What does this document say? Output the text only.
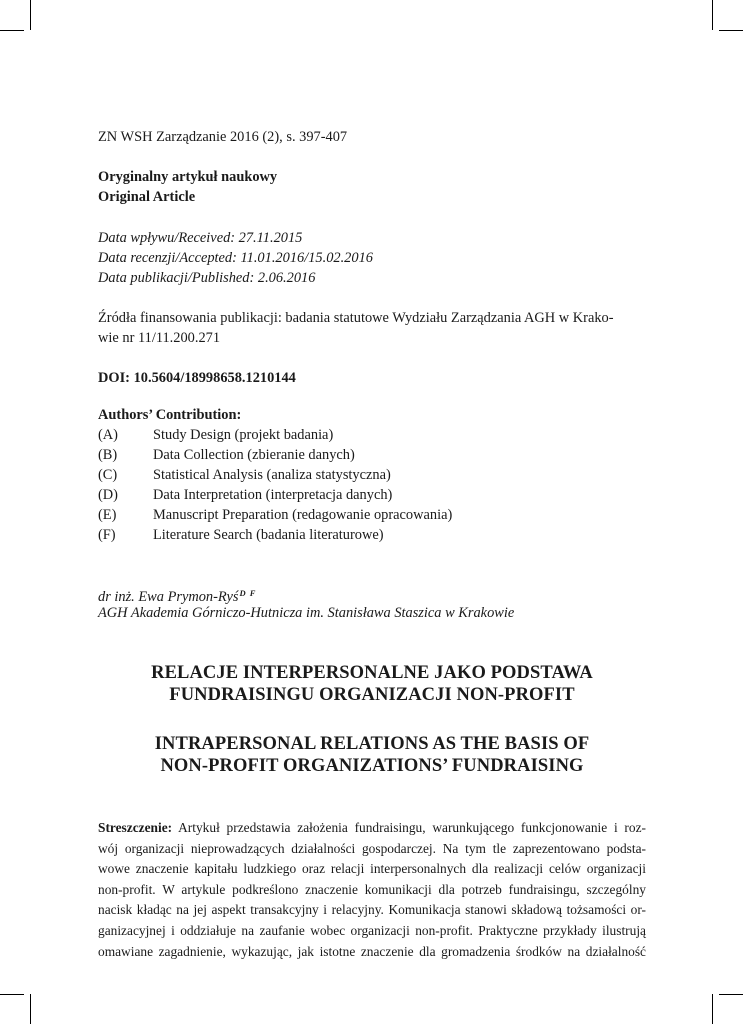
ZN WSH Zarządzanie 2016 (2), s. 397-407
Oryginalny artykuł naukowy
Original Article
Data wpływu/Received: 27.11.2015
Data recenzji/Accepted: 11.01.2016/15.02.2016
Data publikacji/Published: 2.06.2016
Źródła finansowania publikacji: badania statutowe Wydziału Zarządzania AGH w Krako-
wie nr 11/11.200.271
DOI: 10.5604/18998658.1210144
Authors’ Contribution:
(A) Study Design (projekt badania)
(B) Data Collection (zbieranie danych)
(C) Statistical Analysis (analiza statystyczna)
(D) Data Interpretation (interpretacja danych)
(E)	Manuscript Preparation (redagowanie opracowania)
(F)	Literature Search (badania literaturowe)
dr inż. Ewa Prymon-Ryś$^{D F}$
AGH Akademia Górniczo-Hutnicza im. Stanisława Staszica w Krakowie
RELACJE INTERPERSONALNE JAKO PODSTAWA
FUNDRAISINGU ORGANIZACJI NON-PROFIT
INTRAPERSONAL RELATIONS AS THE BASIS OF
NON-PROFIT ORGANIZATIONS’ FUNDRAISING
Streszczenie: Artykuł przedstawia założenia fundraisingu, warunkującego funkcjonowanie i roz-
wój organizacji nieprowadzących działalności gospodarczej. Na tym tle zaprezentowano podsta-
wowe znaczenie kapitału ludzkiego oraz relacji interpersonalnych dla realizacji celów organizacji
non-profit. W artykule podkreślono znaczenie komunikacji dla potrzeb fundraisingu, szczególny
nacisk kładąc na jej aspekt transakcyjny i relacyjny. Komunikacja stanowi składową tożsamości or-
ganizacyjnej i oddziałuje na zaufanie wobec organizacji non-profit. Praktyczne przykłady ilustrują
omawiane zagadnienie, wykazując, jak istotne znaczenie dla gromadzenia środków na działalność
